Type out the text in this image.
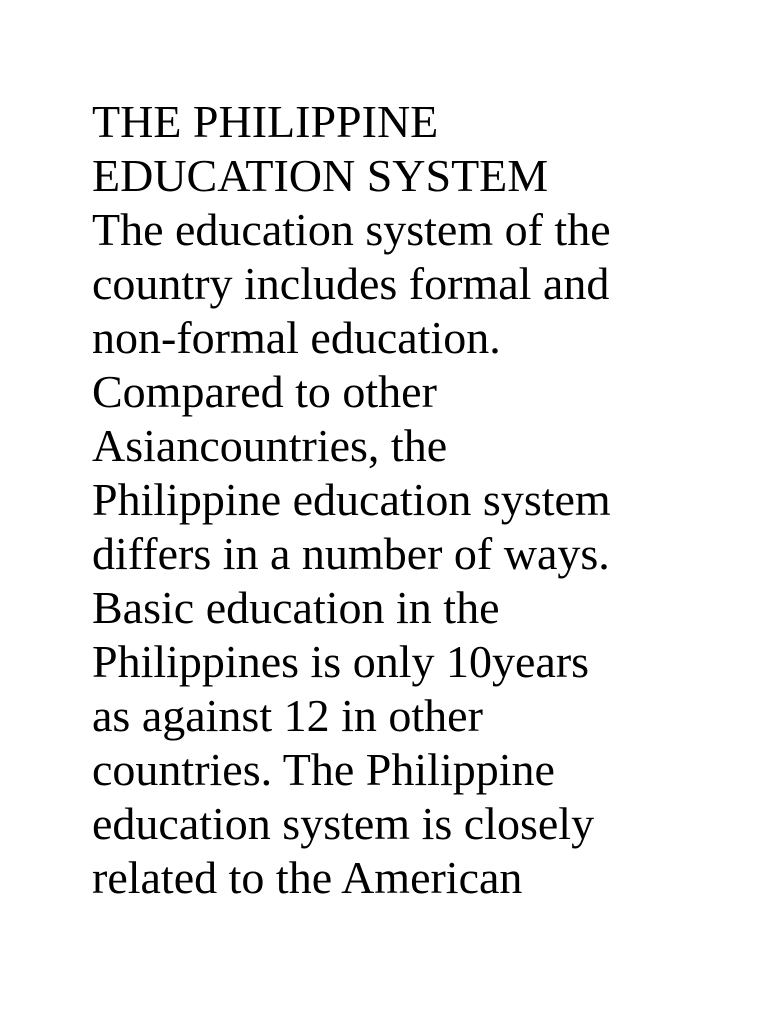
THE PHILIPPINE
EDUCATION SYSTEM
The education system of the
country includes formal and
non-formal education.
Compared to other
Asiancountries, the
Philippine education system
differs in a number of ways.
Basic education in the
Philippines is only 10years
as against 12 in other
countries. The Philippine
education system is closely
related to the American
